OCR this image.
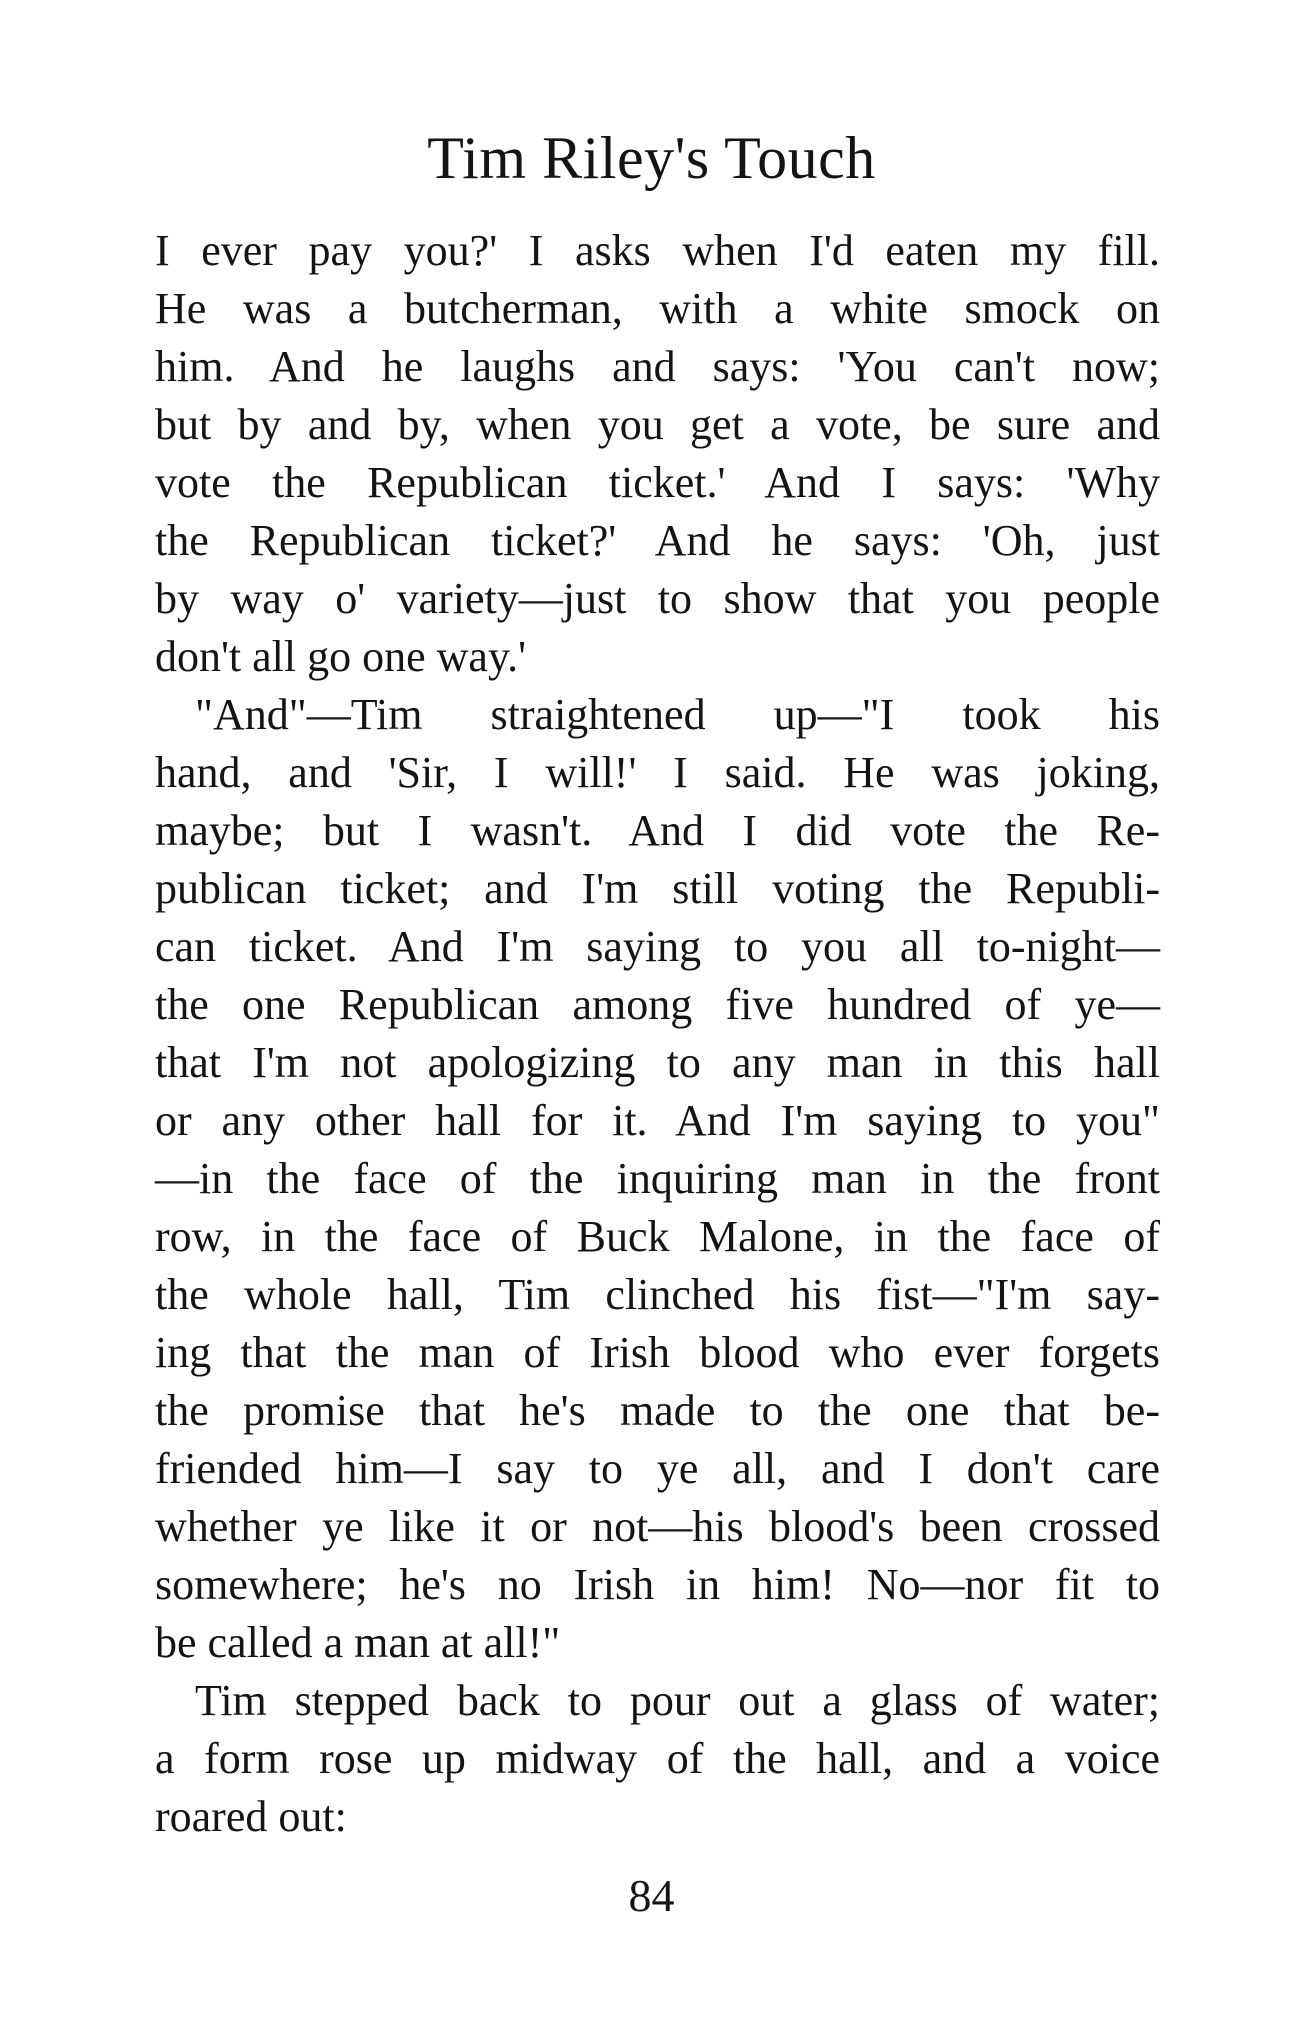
Tim Riley's Touch
I ever pay you?' I asks when I'd eaten my fill.
He was a butcherman, with a white smock on
him. And he laughs and says: 'You can't now;
but by and by, when you get a vote, be sure and
vote the Republican ticket.' And I says: 'Why
the Republican ticket?' And he says: 'Oh, just
by way o' variety—just to show that you people
don't all go one way.'
"And"—Tim straightened up—"I took his
hand, and 'Sir, I will!' I said. He was joking,
maybe; but I wasn't. And I did vote the Re-
publican ticket; and I'm still voting the Republi-
can ticket. And I'm saying to you all to-night—
the one Republican among five hundred of ye—
that I'm not apologizing to any man in this hall
or any other hall for it. And I'm saying to you"
—in the face of the inquiring man in the front
row, in the face of Buck Malone, in the face of
the whole hall, Tim clinched his fist—"I'm say-
ing that the man of Irish blood who ever forgets
the promise that he's made to the one that be-
friended him—I say to ye all, and I don't care
whether ye like it or not—his blood's been crossed
somewhere; he's no Irish in him! No—nor fit to
be called a man at all!"
Tim stepped back to pour out a glass of water;
a form rose up midway of the hall, and a voice
roared out:
84
